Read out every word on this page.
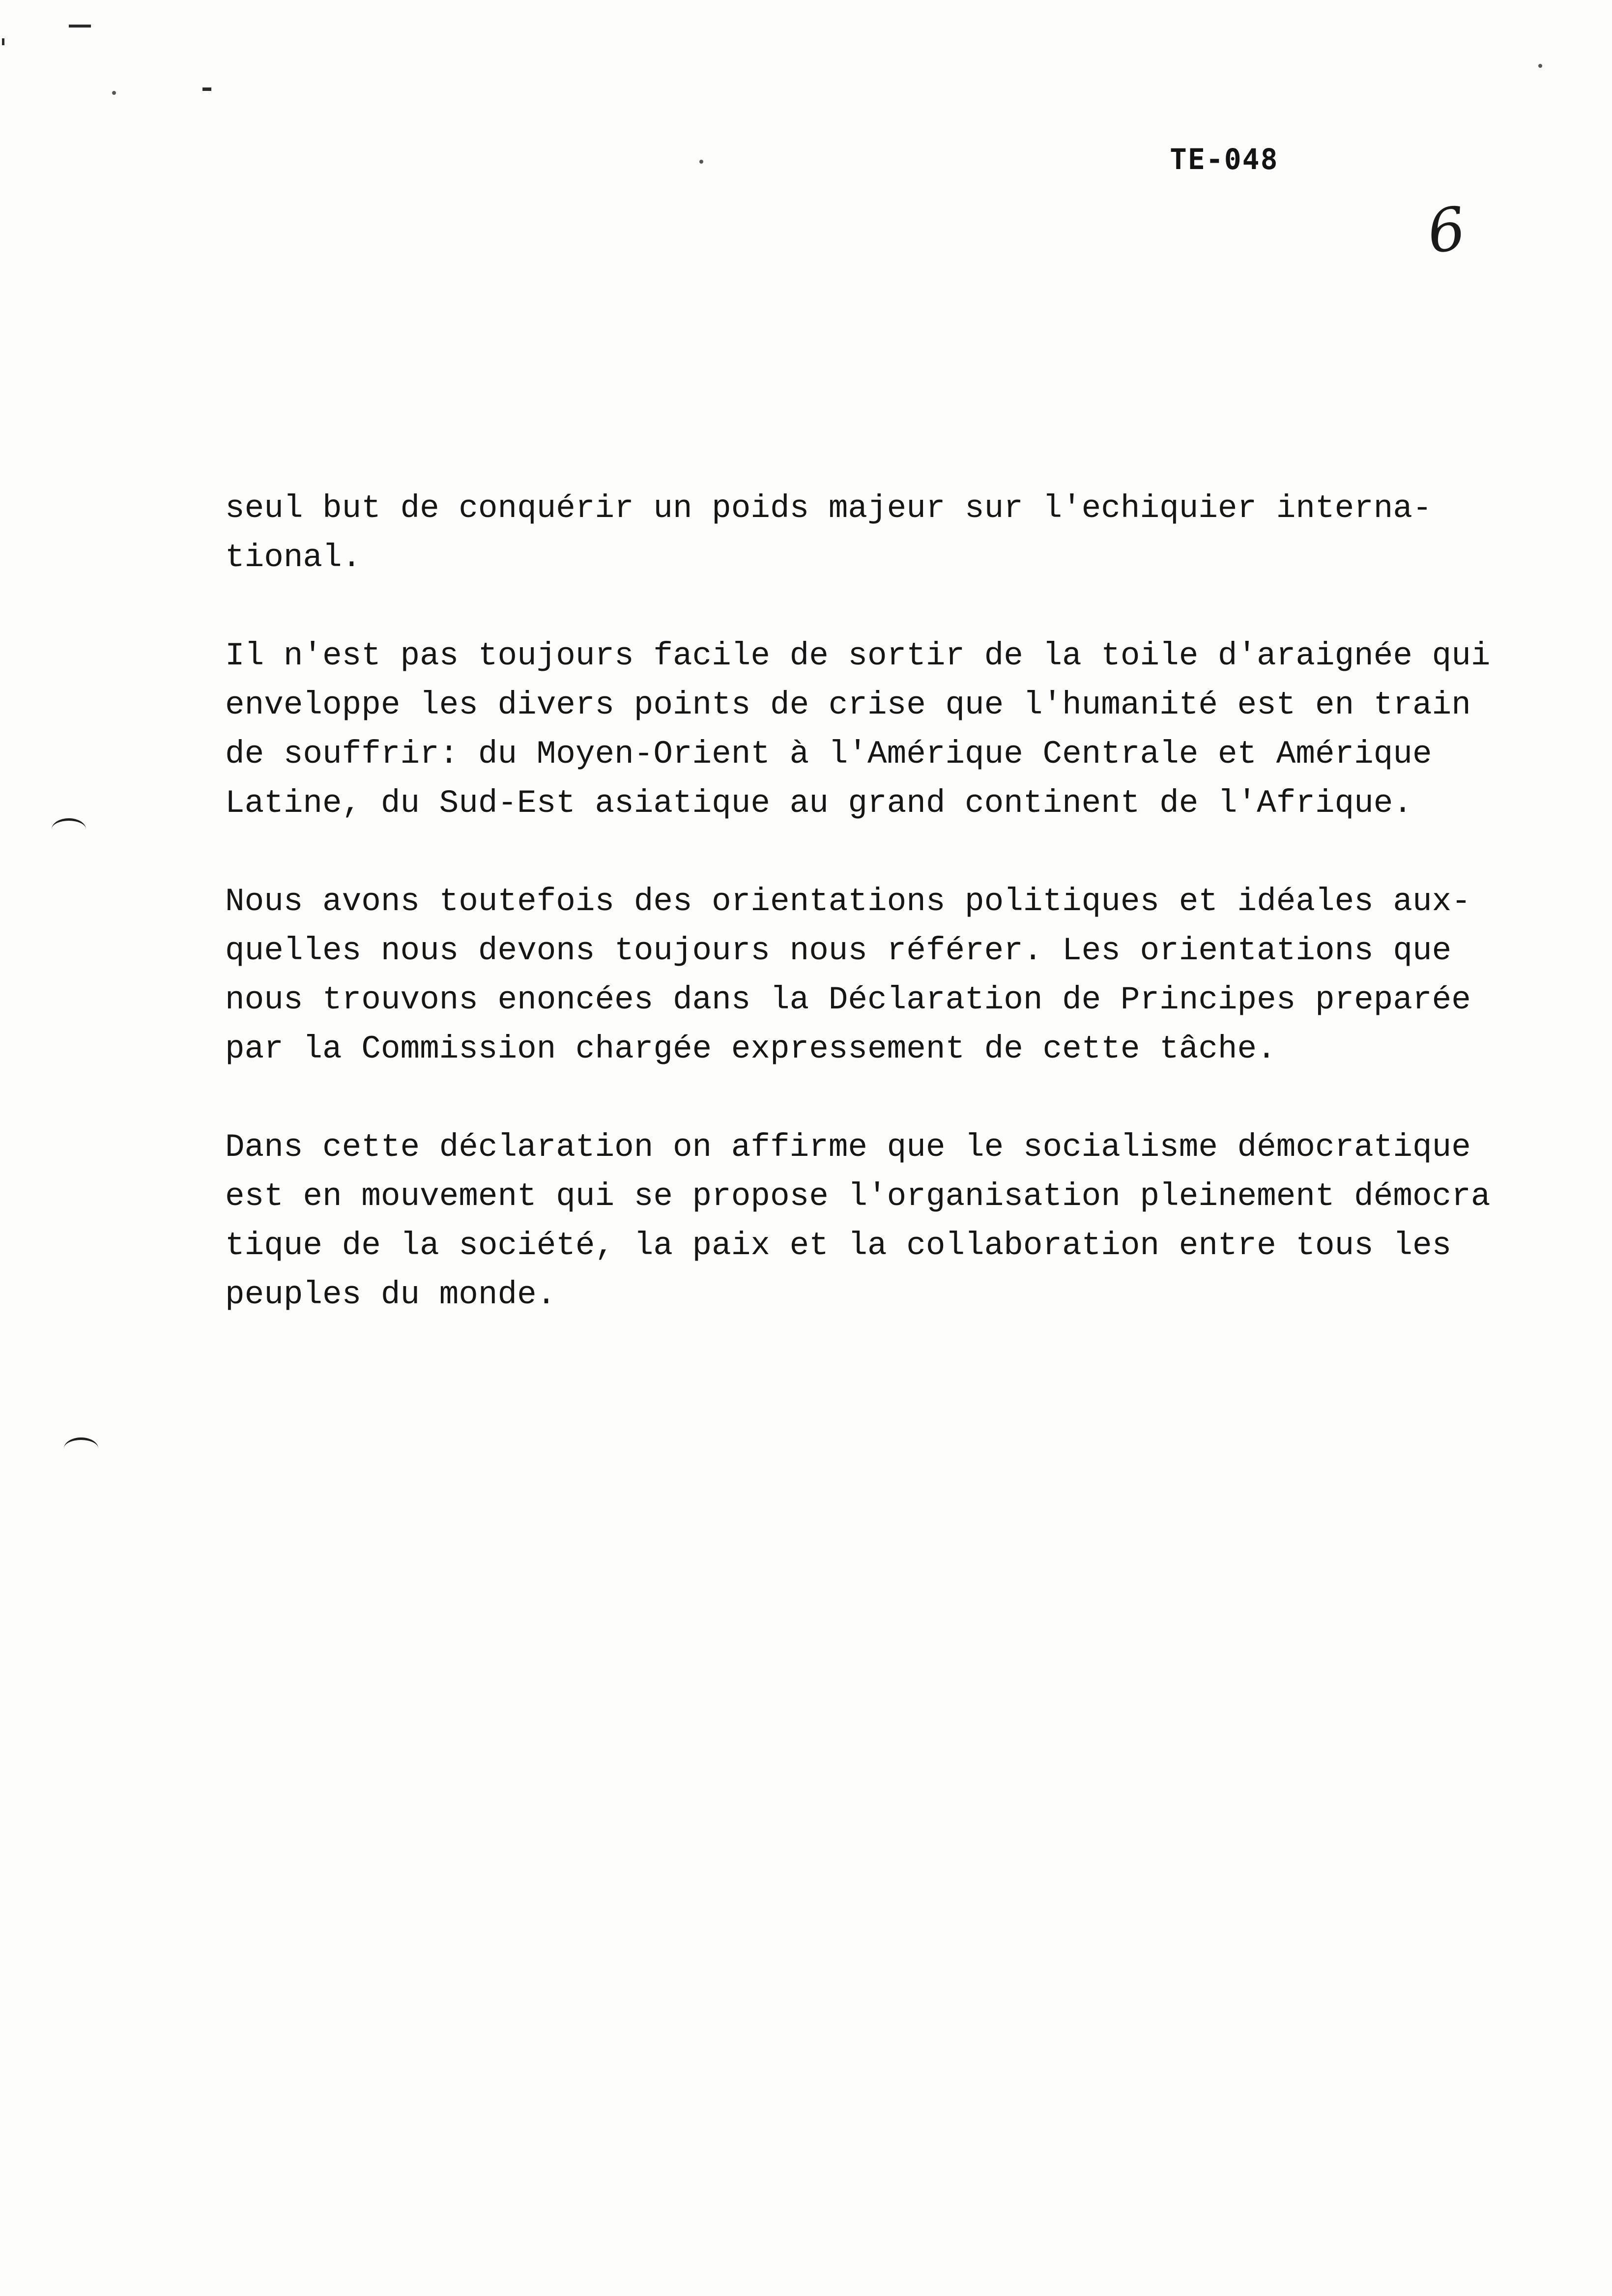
TE-048
6
seul but de conquérir un poids majeur sur l'echiquier interna-
tional.
Il n'est pas toujours facile de sortir de la toile d'araignée qui
enveloppe les divers points de crise que l'humanité est en train
de souffrir: du Moyen-Orient à l'Amérique Centrale et Amérique
Latine, du Sud-Est asiatique au grand continent de l'Afrique.
Nous avons toutefois des orientations politiques et idéales aux-
quelles nous devons toujours nous référer. Les orientations que
nous trouvons enoncées dans la Déclaration de Principes preparée
par la Commission chargée expressement de cette tâche.
Dans cette déclaration on affirme que le socialisme démocratique
est en mouvement qui se propose l'organisation pleinement démocra
tique de la société, la paix et la collaboration entre tous les
peuples du monde.
